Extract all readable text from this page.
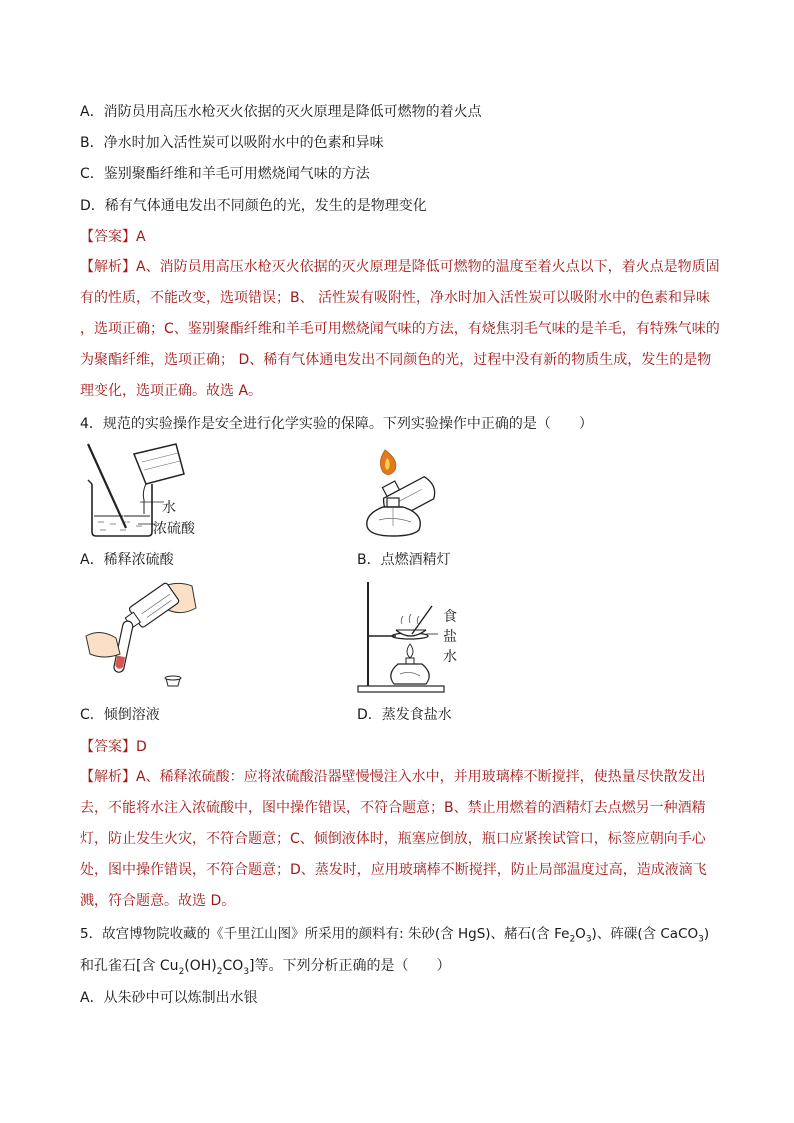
A．消防员用高压水枪灭火依据的灭火原理是降低可燃物的着火点
B．净水时加入活性炭可以吸附水中的色素和异味
C．鉴别聚酯纤维和羊毛可用燃烧闻气味的方法
D．稀有气体通电发出不同颜色的光，发生的是物理变化
【答案】A
【解析】A、消防员用高压水枪灭火依据的灭火原理是降低可燃物的温度至着火点以下，着火点是物质固有的性质，不能改变，选项错误；B、 活性炭有吸附性，净水时加入活性炭可以吸附水中的色素和异味 ，选项正确；C、鉴别聚酯纤维和羊毛可用燃烧闻气味的方法，有烧焦羽毛气味的是羊毛，有特殊气味的为聚酯纤维，选项正确； D、稀有气体通电发出不同颜色的光，过程中没有新的物质生成，发生的是物理变化，选项正确。故选 A。
4．规范的实验操作是安全进行化学实验的保障。下列实验操作中正确的是（　　）
水
浓硫酸
A．稀释浓硫酸	B．点燃酒精灯
C．倾倒溶液
食
盐
水
D．蒸发食盐水
【答案】D
【解析】A、稀释浓硫酸：应将浓硫酸沿器壁慢慢注入水中，并用玻璃棒不断搅拌，使热量尽快散发出去，不能将水注入浓硫酸中，图中操作错误，不符合题意；B、禁止用燃着的酒精灯去点燃另一种酒精灯，防止发生火灾，不符合题意；C、倾倒液体时，瓶塞应倒放，瓶口应紧挨试管口，标签应朝向手心处，图中操作错误，不符合题意；D、蒸发时，应用玻璃棒不断搅拌，防止局部温度过高，造成液滴飞溅，符合题意。故选 D。
5．故宫博物院收藏的《千里江山图》所采用的颜料有: 朱砂(含 HgS)、赭石(含 $Fe_2O_3$)、砗磲(含 CaCO$_3$)
和孔雀石[含 $Cu_2(OH)_2CO_3$]等。下列分析正确的是（　　）
A．从朱砂中可以炼制出水银
